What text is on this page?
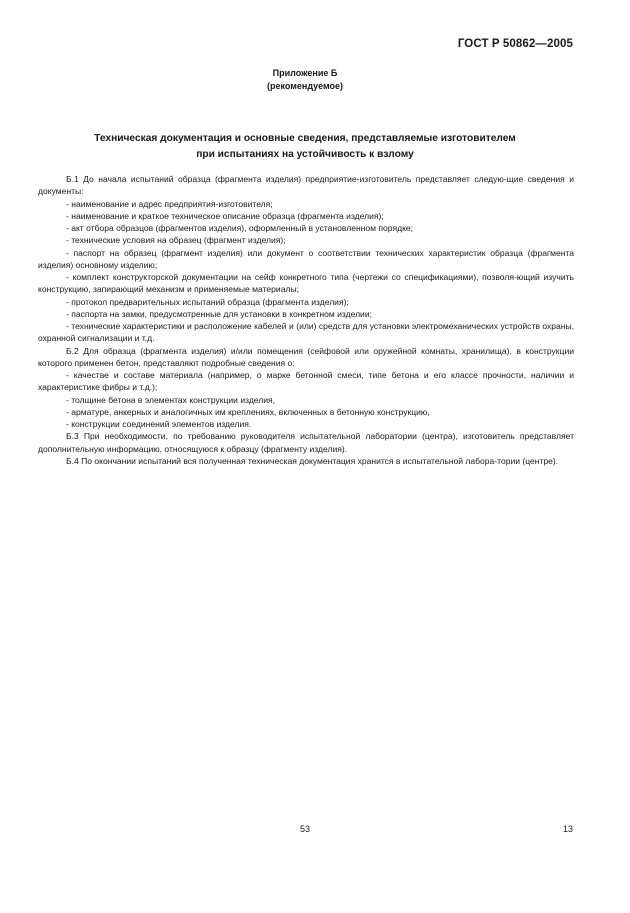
ГОСТ Р 50862—2005
Приложение Б
(рекомендуемое)
Техническая документация и основные сведения, представляемые изготовителем
при испытаниях на устойчивость к взлому

Б.1 До начала испытаний образца (фрагмента изделия) предприятие-изготовитель представляет следую-щие сведения и документы:

- наименование и адрес предприятия-изготовителя;

- наименование и краткое техническое описание образца (фрагмента изделия);

- акт отбора образцов (фрагментов изделия), оформленный в установленном порядке;

- технические условия на образец (фрагмент изделия);

- паспорт на образец (фрагмент изделия) или документ о соответствии технических характеристик образца (фрагмента изделия) основному изделию;

- комплект конструкторской документации на сейф конкретного типа (чертежи со спецификациями), позволя-ющий изучить конструкцию, запирающий механизм и применяемые материалы;

- протокол предварительных испытаний образца (фрагмента изделия);

- паспорта на замки, предусмотренные для установки в конкретном изделии;

- технические характеристики и расположение кабелей и (или) средств для установки электромеханических устройств охраны, охранной сигнализации и т.д.

Б.2 Для образца (фрагмента изделия) и/или помещения (сейфовой или оружейной комнаты, хранилища), в конструкции которого применен бетон, представляют подробные сведения о:

- качестве и составе материала (например, о марке бетонной смеси, типе бетона и его классе прочности, наличии и характеристике фибры и т.д.);

- толщине бетона в элементах конструкции изделия,

- арматуре, анкерных и аналогичных им креплениях, включенных в бетонную конструкцию,

- конструкции соединений элементов изделия.

Б.3 При необходимости, по требованию руководителя испытательной лаборатории (центра), изготовитель представляет дополнительную информацию, относящуюся к образцу (фрагменту изделия).

Б.4 По окончании испытаний вся полученная техническая документация хранится в испытательной лабора-тории (центре).

53	13
